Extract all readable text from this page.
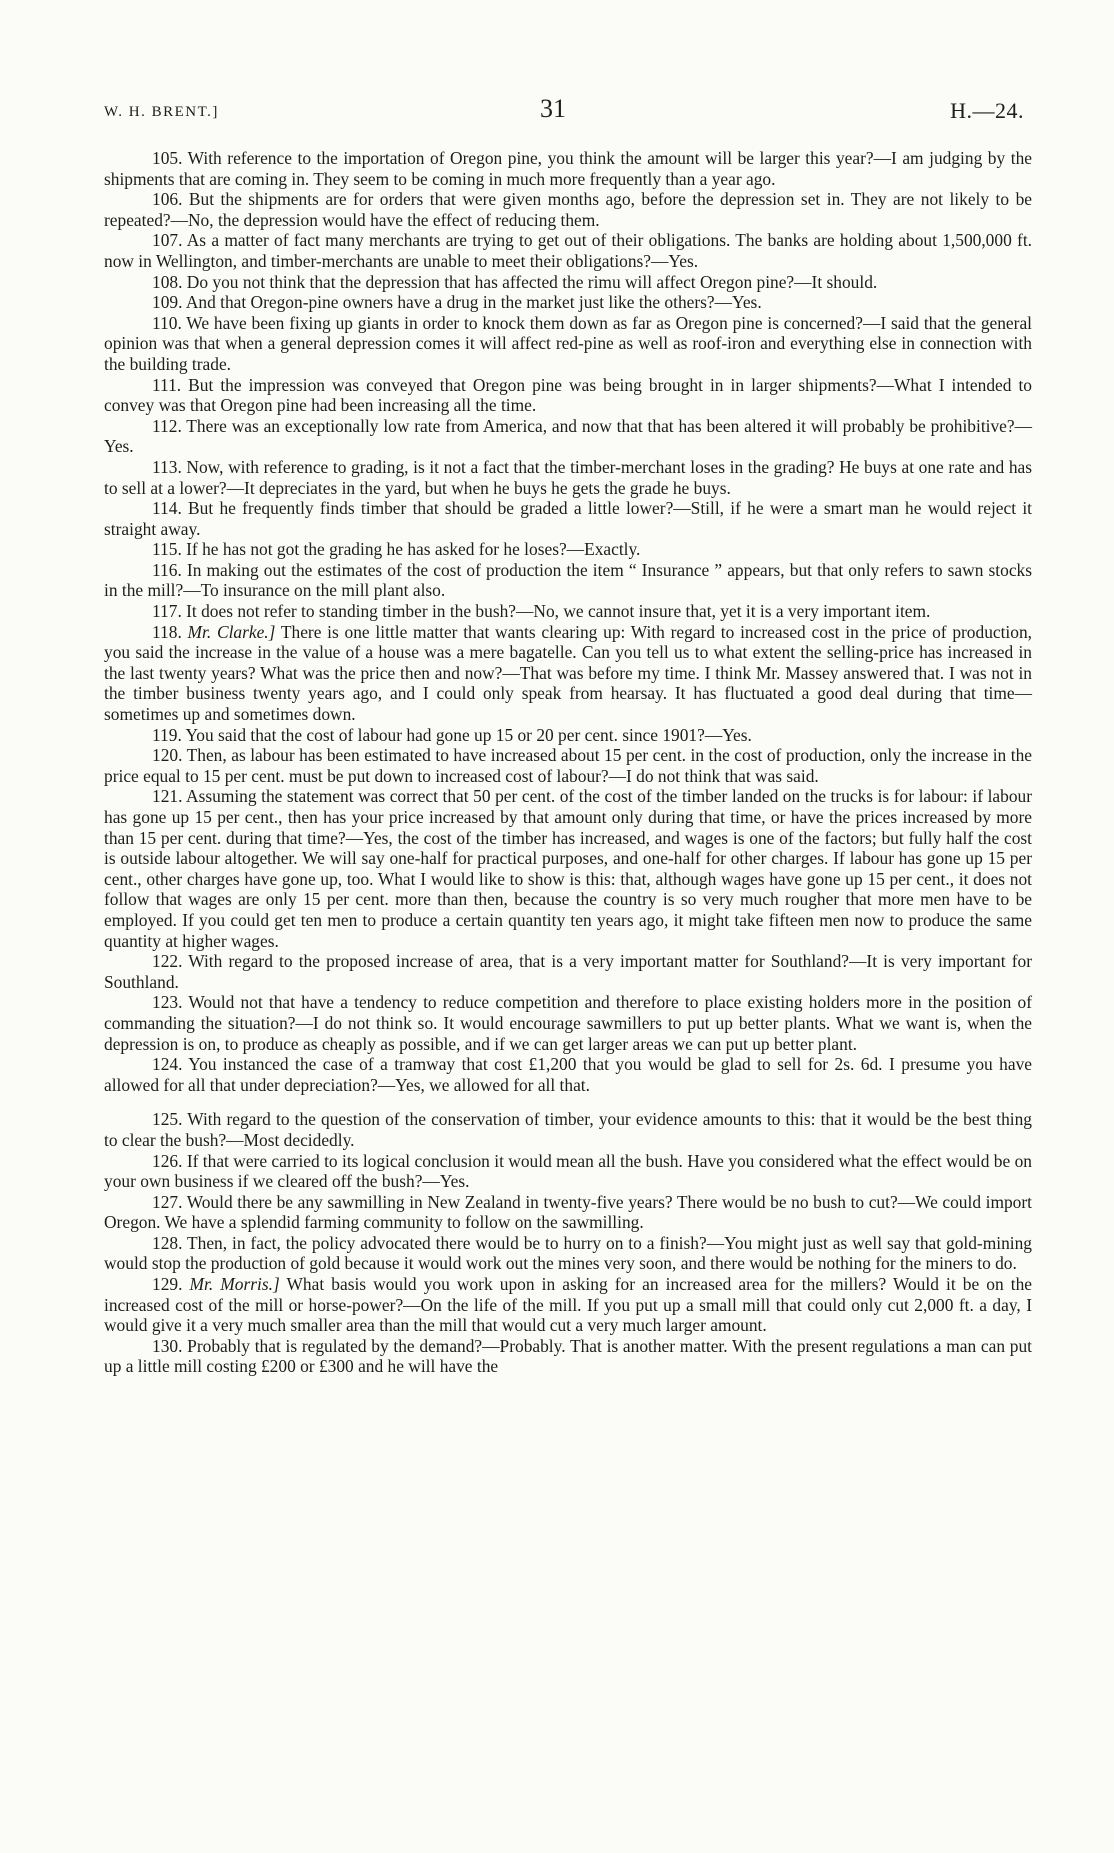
W. H. BRENT.]	31	H.—24.

105. With reference to the importation of Oregon pine, you think the amount will be larger this year?—I am judging by the shipments that are coming in. They seem to be coming in much more frequently than a year ago.

106. But the shipments are for orders that were given months ago, before the depression set in. They are not likely to be repeated?—No, the depression would have the effect of reducing them.

107. As a matter of fact many merchants are trying to get out of their obligations. The banks are holding about 1,500,000 ft. now in Wellington, and timber-merchants are unable to meet their obligations?—Yes.

108. Do you not think that the depression that has affected the rimu will affect Oregon pine?—It should.

109. And that Oregon-pine owners have a drug in the market just like the others?—Yes.

110. We have been fixing up giants in order to knock them down as far as Oregon pine is concerned?—I said that the general opinion was that when a general depression comes it will affect red-pine as well as roof-iron and everything else in connection with the building trade.

111. But the impression was conveyed that Oregon pine was being brought in in larger shipments?—What I intended to convey was that Oregon pine had been increasing all the time.

112. There was an exceptionally low rate from America, and now that that has been altered it will probably be prohibitive?—Yes.

113. Now, with reference to grading, is it not a fact that the timber-merchant loses in the grading? He buys at one rate and has to sell at a lower?—It depreciates in the yard, but when he buys he gets the grade he buys.

114. But he frequently finds timber that should be graded a little lower?—Still, if he were a smart man he would reject it straight away.

115. If he has not got the grading he has asked for he loses?—Exactly.

116. In making out the estimates of the cost of production the item “ Insurance ” appears, but that only refers to sawn stocks in the mill?—To insurance on the mill plant also.

117. It does not refer to standing timber in the bush?—No, we cannot insure that, yet it is a very important item.

118. Mr. Clarke.] There is one little matter that wants clearing up: With regard to increased cost in the price of production, you said the increase in the value of a house was a mere bagatelle. Can you tell us to what extent the selling-price has increased in the last twenty years? What was the price then and now?—That was before my time. I think Mr. Massey answered that. I was not in the timber business twenty years ago, and I could only speak from hearsay. It has fluctuated a good deal during that time—sometimes up and sometimes down.

119. You said that the cost of labour had gone up 15 or 20 per cent. since 1901?—Yes.

120. Then, as labour has been estimated to have increased about 15 per cent. in the cost of production, only the increase in the price equal to 15 per cent. must be put down to increased cost of labour?—I do not think that was said.

121. Assuming the statement was correct that 50 per cent. of the cost of the timber landed on the trucks is for labour: if labour has gone up 15 per cent., then has your price increased by that amount only during that time, or have the prices increased by more than 15 per cent. during that time?—Yes, the cost of the timber has increased, and wages is one of the factors; but fully half the cost is outside labour altogether. We will say one-half for practical purposes, and one-half for other charges. If labour has gone up 15 per cent., other charges have gone up, too. What I would like to show is this: that, although wages have gone up 15 per cent., it does not follow that wages are only 15 per cent. more than then, because the country is so very much rougher that more men have to be employed. If you could get ten men to produce a certain quantity ten years ago, it might take fifteen men now to produce the same quantity at higher wages.

122. With regard to the proposed increase of area, that is a very important matter for Southland?—It is very important for Southland.

123. Would not that have a tendency to reduce competition and therefore to place existing holders more in the position of commanding the situation?—I do not think so. It would encourage sawmillers to put up better plants. What we want is, when the depression is on, to produce as cheaply as possible, and if we can get larger areas we can put up better plant.

124. You instanced the case of a tramway that cost £1,200 that you would be glad to sell for 2s. 6d. I presume you have allowed for all that under depreciation?—Yes, we allowed for all that.

125. With regard to the question of the conservation of timber, your evidence amounts to this: that it would be the best thing to clear the bush?—Most decidedly.

126. If that were carried to its logical conclusion it would mean all the bush. Have you considered what the effect would be on your own business if we cleared off the bush?—Yes.

127. Would there be any sawmilling in New Zealand in twenty-five years? There would be no bush to cut?—We could import Oregon. We have a splendid farming community to follow on the sawmilling.

128. Then, in fact, the policy advocated there would be to hurry on to a finish?—You might just as well say that gold-mining would stop the production of gold because it would work out the mines very soon, and there would be nothing for the miners to do.

129. Mr. Morris.] What basis would you work upon in asking for an increased area for the millers? Would it be on the increased cost of the mill or horse-power?—On the life of the mill. If you put up a small mill that could only cut 2,000 ft. a day, I would give it a very much smaller area than the mill that would cut a very much larger amount.

130. Probably that is regulated by the demand?—Probably. That is another matter. With the present regulations a man can put up a little mill costing £200 or £300 and he will have the
